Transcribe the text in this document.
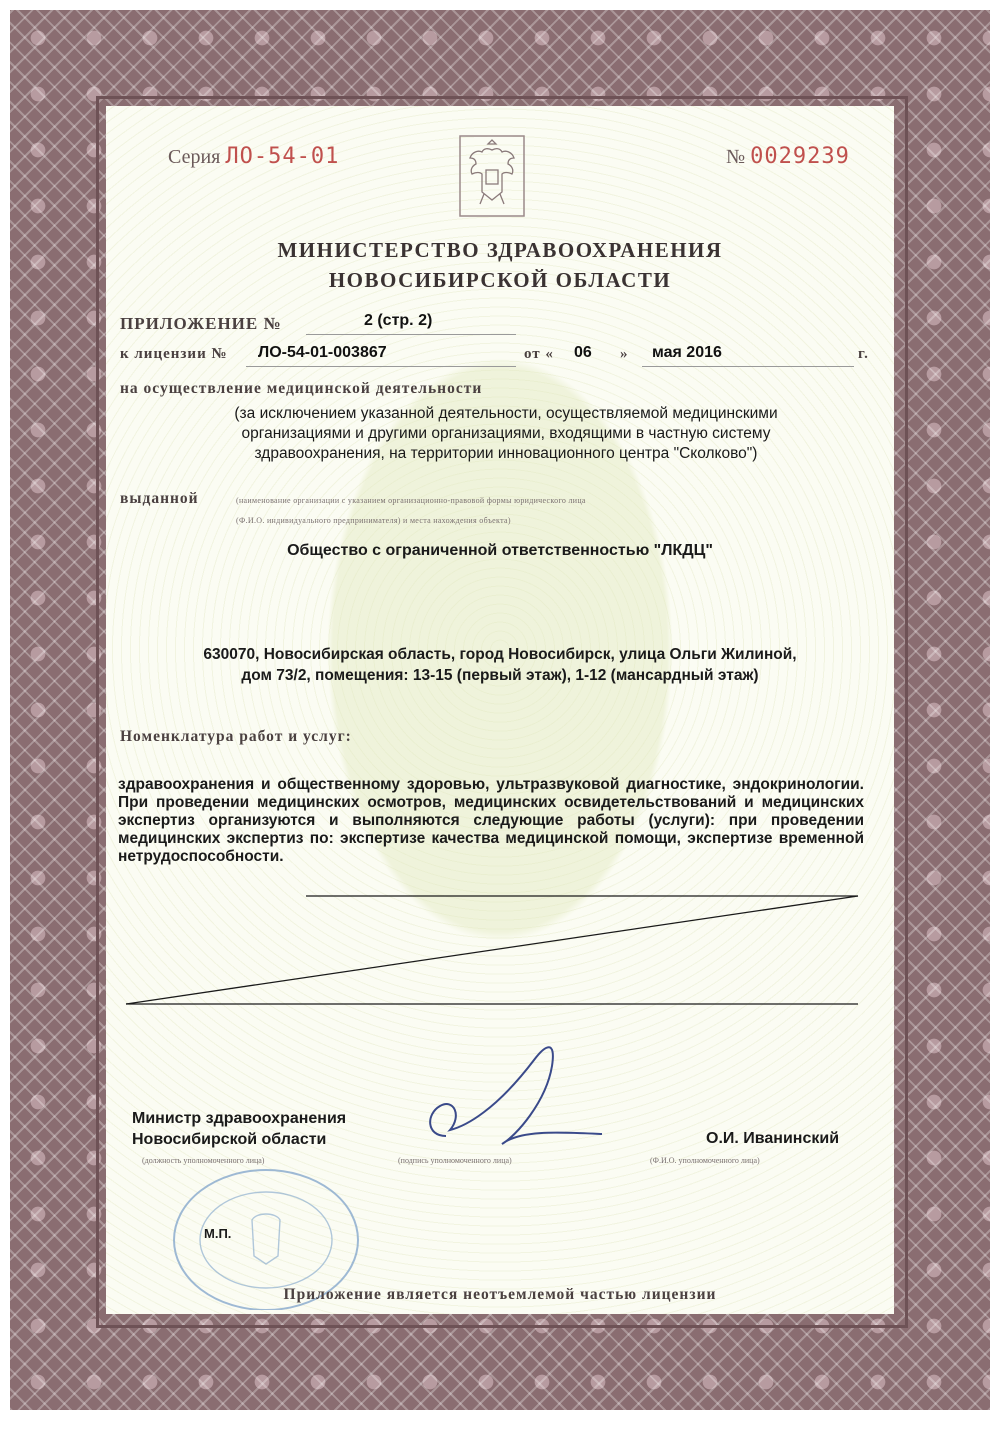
Серия ЛО-54-01	№ 0029239
МИНИСТЕРСТВО ЗДРАВООХРАНЕНИЯ
НОВОСИБИРСКОЙ ОБЛАСТИ
ПРИЛОЖЕНИЕ №	2 (стр. 2)
к лицензии № ЛО-54-01-003867	от « 06 » мая 2016	г.
на осуществление медицинской деятельности
(за исключением указанной деятельности, осуществляемой медицинскими
организациями и другими организациями, входящими в частную систему
здравоохранения, на территории инновационного центра "Сколково")
выданной	(наименование организации с указанием организационно-правовой формы юридического лица
(Ф.И.О. индивидуального предпринимателя) и места нахождения объекта)
Общество с ограниченной ответственностью "ЛКДЦ"
630070, Новосибирская область, город Новосибирск, улица Ольги Жилиной,
дом 73/2, помещения: 13-15 (первый этаж), 1-12 (мансардный этаж)
Номенклатура работ и услуг:
здравоохранения и общественному здоровью, ультразвуковой диагностике, эндокринологии. При проведении медицинских осмотров, медицинских освидетельствований и медицинских экспертиз организуются и выполняются следующие работы (услуги): при проведении медицинских экспертиз по: экспертизе качества медицинской помощи, экспертизе временной нетрудоспособности.
Министр здравоохранения
Новосибирской области
(должность уполномоченного лица)	(подпись уполномоченного лица)
О.И. Иванинский
(Ф.И.О. уполномоченного лица)
М.П.
Приложение является неотъемлемой частью лицензии
